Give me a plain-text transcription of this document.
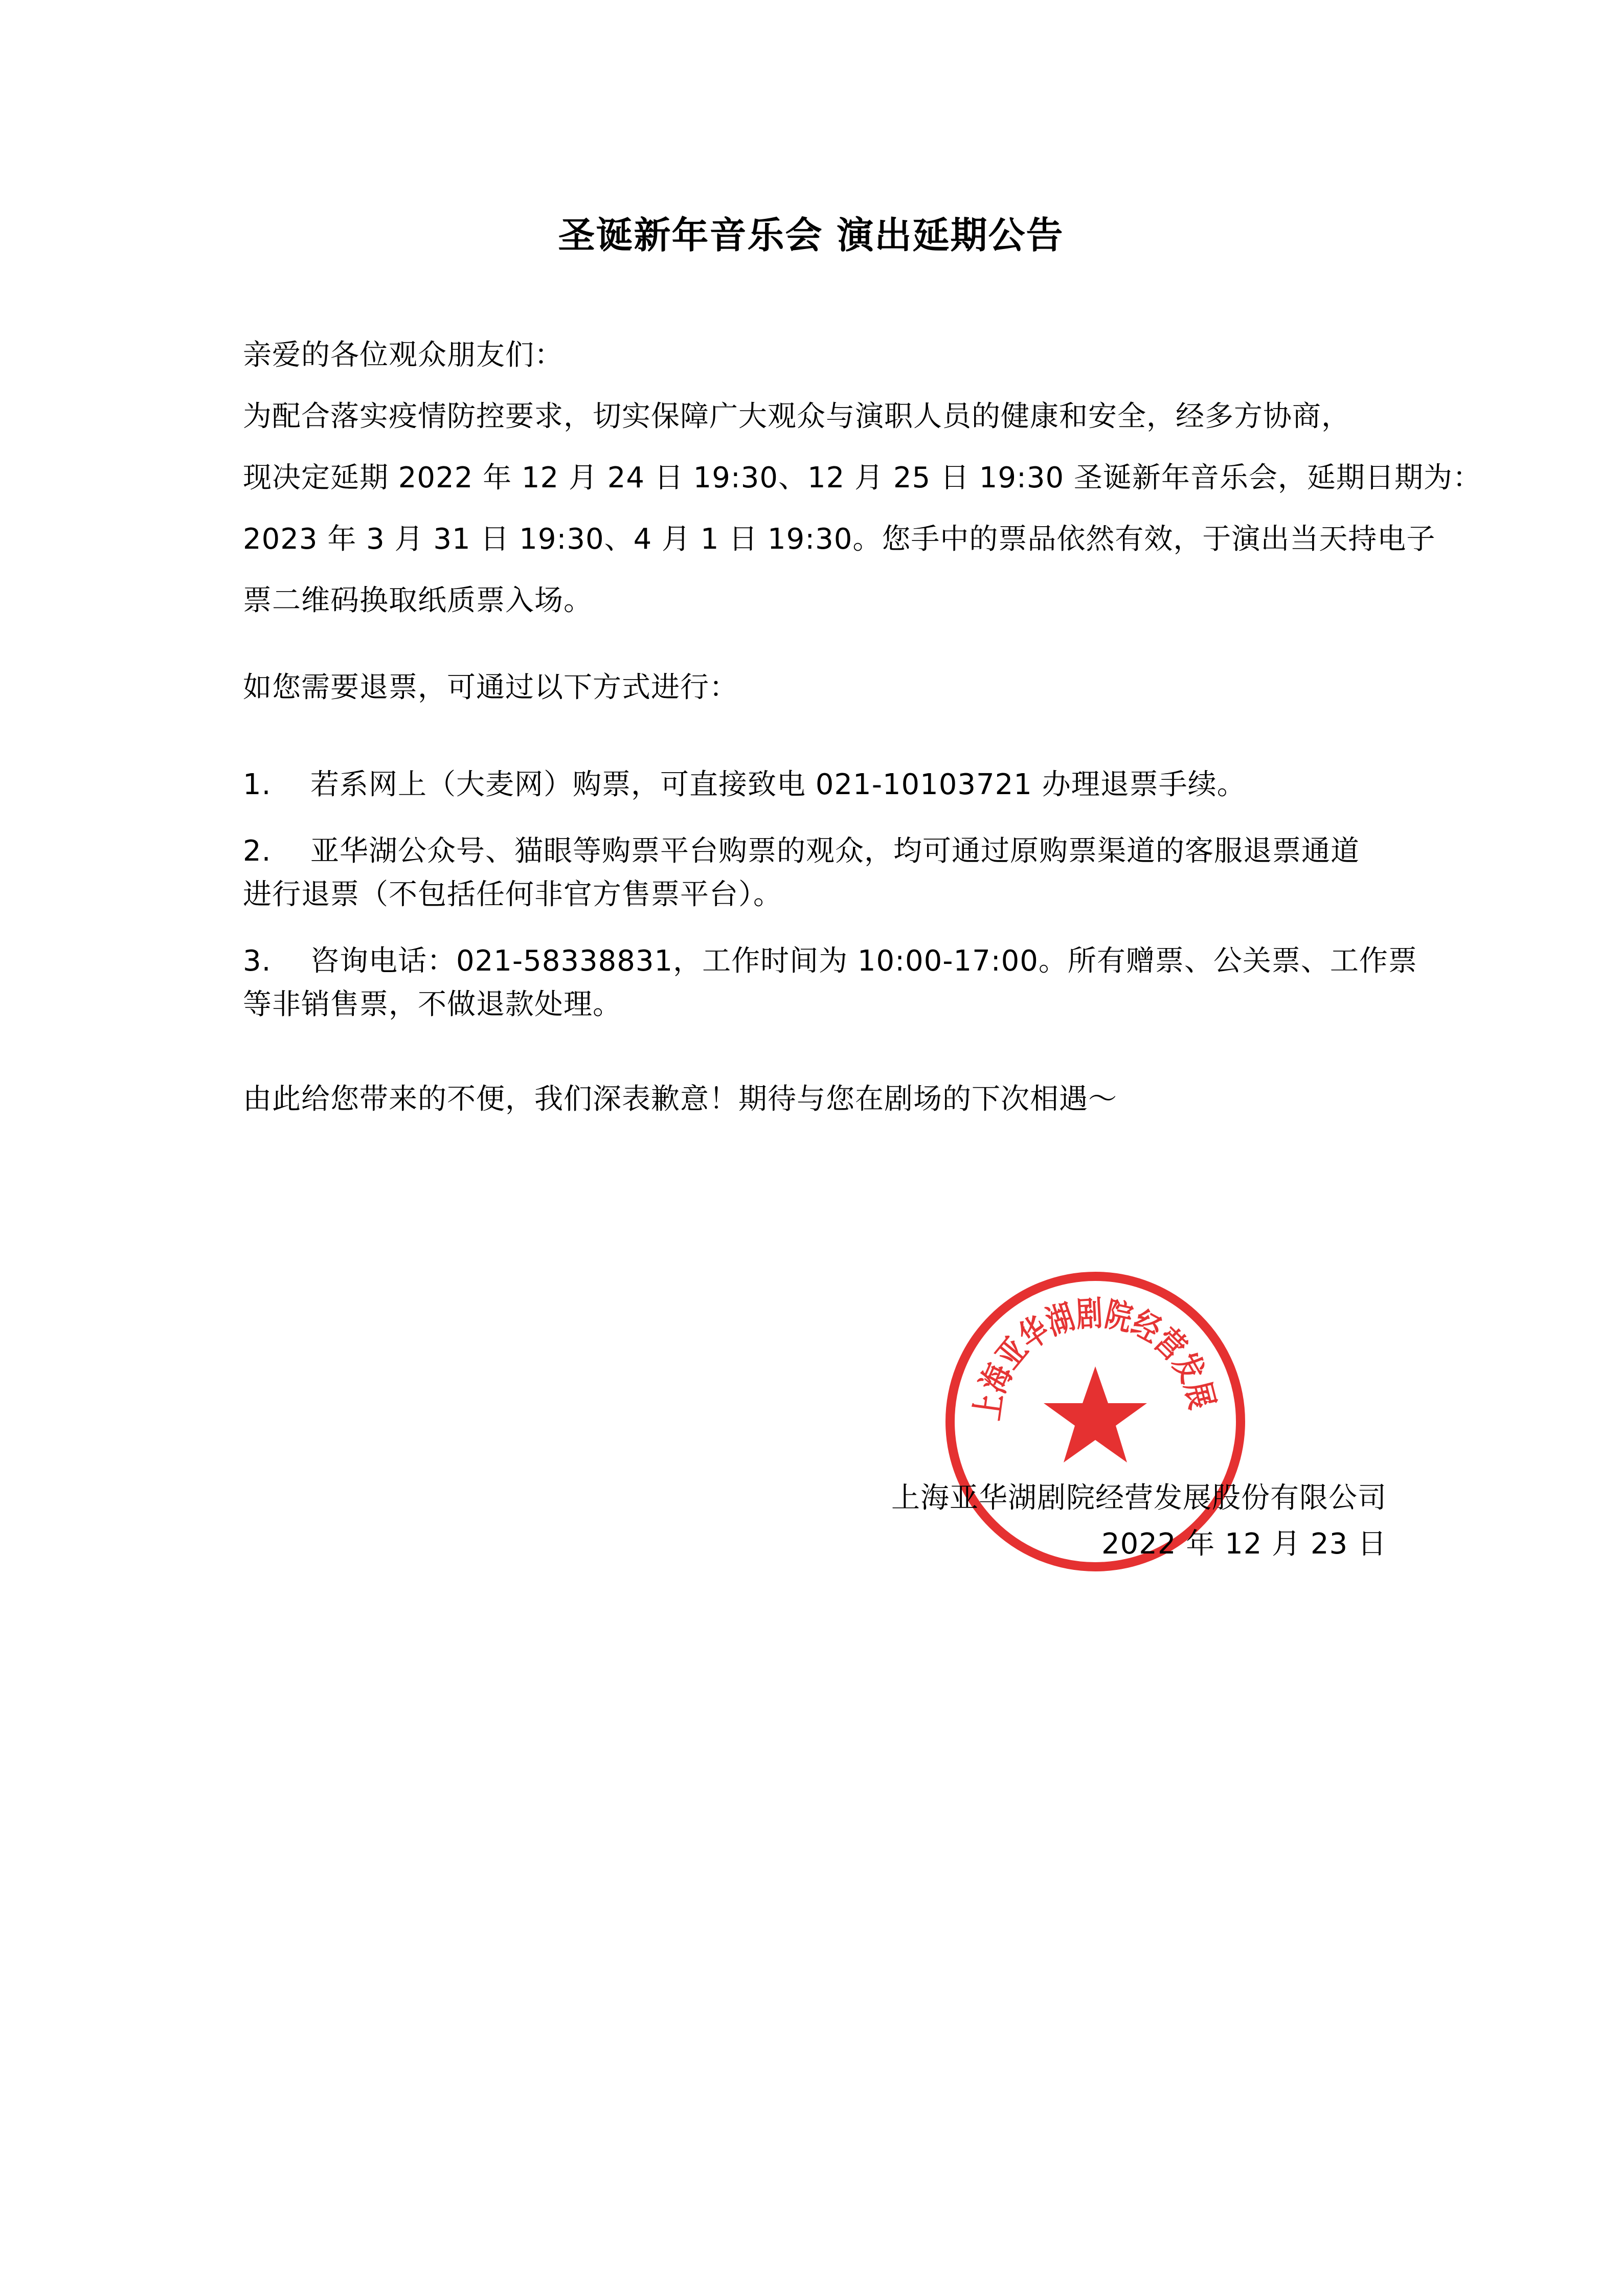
圣诞新年音乐会 演出延期公告
亲爱的各位观众朋友们：
为配合落实疫情防控要求，切实保障广大观众与演职人员的健康和安全，经多方协商，
现决定延期 2022 年 12 月 24 日 19:30、12 月 25 日 19:30 圣诞新年音乐会，延期日期为：
2023 年 3 月 31 日 19:30、4 月 1 日 19:30。您手中的票品依然有效，于演出当天持电子
票二维码换取纸质票入场。
如您需要退票，可通过以下方式进行：
1. 若系网上（大麦网）购票，可直接致电 021-10103721 办理退票手续。
2. 亚华湖公众号、猫眼等购票平台购票的观众，均可通过原购票渠道的客服退票通道
进行退票（不包括任何非官方售票平台）。
3. 咨询电话：021-58338831，工作时间为 10:00-17:00。所有赠票、公关票、工作票
等非销售票，不做退款处理。
由此给您带来的不便，我们深表歉意！期待与您在剧场的下次相遇～
上海亚华湖剧院经营发展
上海亚华湖剧院经营发展股份有限公司
2022 年 12 月 23 日
